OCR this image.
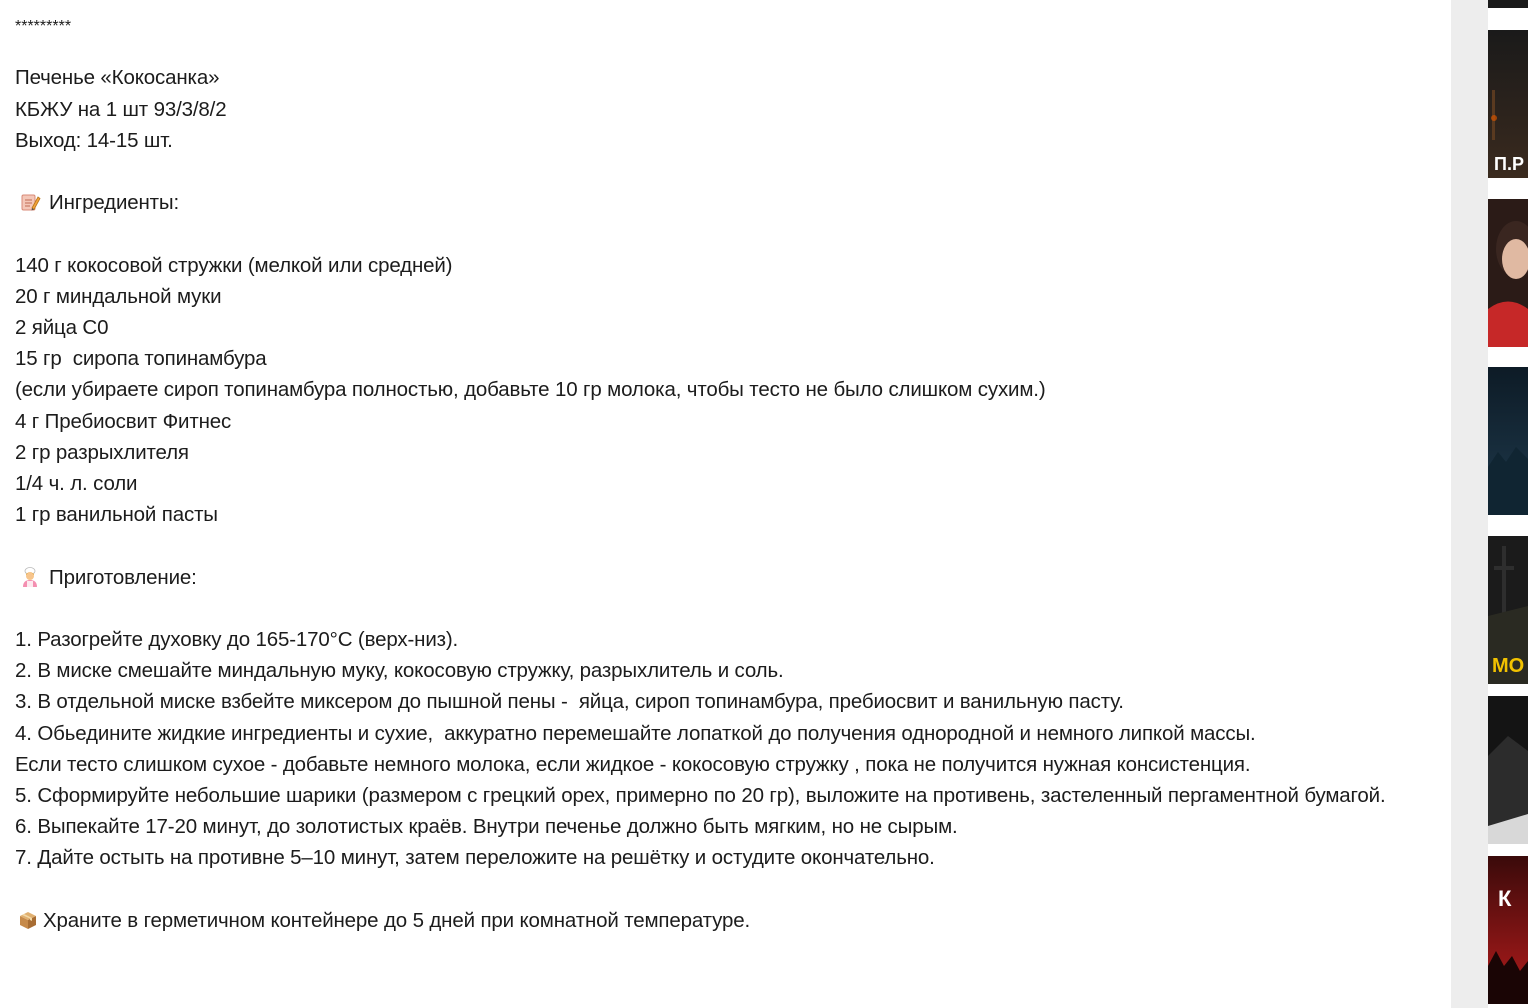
*********
Печенье «Кокосанка»
КБЖУ на 1 шт 93/3/8/2
Выход: 14-15 шт.
Ингредиенты:
140 г кокосовой стружки (мелкой или средней)
20 г миндальной муки
2 яйца С0
15 гр  сиропа топинамбура
(если убираете сироп топинамбура полностью, добавьте 10 гр молока, чтобы тесто не было слишком сухим.)
4 г Пребиосвит Фитнес
2 гр разрыхлителя
1/4 ч. л. соли
1 гр ванильной пасты
Приготовление:
1. Разогрейте духовку до 165-170°C (верх-низ).
2. В миске смешайте миндальную муку, кокосовую стружку, разрыхлитель и соль.
3. В отдельной миске взбейте миксером до пышной пены -  яйца, сироп топинамбура, пребиосвит и ванильную пасту.
4. Обьедините жидкие ингредиенты и сухие,  аккуратно перемешайте лопаткой до получения однородной и немного липкой массы.
Если тесто слишком сухое - добавьте немного молока, если жидкое - кокосовую стружку , пока не получится нужная консистенция.
5. Сформируйте небольшие шарики (размером с грецкий орех, примерно по 20 гр), выложите на противень, застеленный пергаментной бумагой.
6. Выпекайте 17-20 минут, до золотистых краёв. Внутри печенье должно быть мягким, но не сырым.
7. Дайте остыть на противне 5–10 минут, затем переложите на решётку и остудите окончательно.
Храните в герметичном контейнере до 5 дней при комнатной температуре.
П.Р
МО
К
